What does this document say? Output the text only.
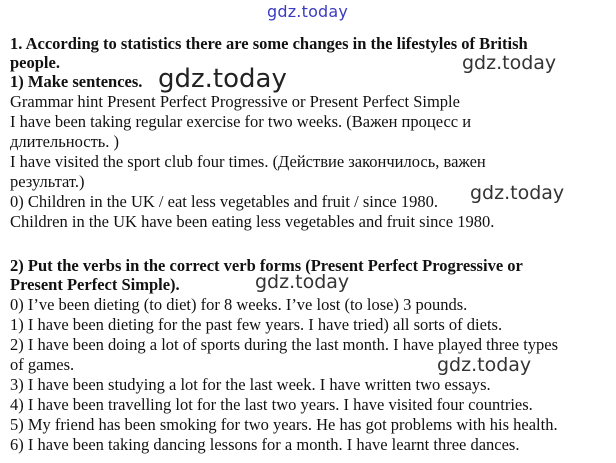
gdz.today
gdz.today
gdz.today
gdz.today
gdz.today
gdz.today
1. According to statistics there are some changes in the lifestyles of British
people.
1) Make sentences.
Grammar hint Present Perfect Progressive or Present Perfect Simple
I have been taking regular exercise for two weeks. (Важен процесс и
длительность. )
I have visited the sport club four times. (Действие закончилось, важен
результат.)
0) Children in the UK / eat less vegetables and fruit / since 1980.
Children in the UK have been eating less vegetables and fruit since 1980.
2) Put the verbs in the correct verb forms (Present Perfect Progressive or
Present Perfect Simple).
0) I’ve been dieting (to diet) for 8 weeks. I’ve lost (to lose) 3 pounds.
1) I have been dieting for the past few years. I have tried) all sorts of diets.
2) I have been doing a lot of sports during the last month. I have played three types
of games.
3) I have been studying a lot for the last week. I have written two essays.
4) I have been travelling lot for the last two years. I have visited four countries.
5) My friend has been smoking for two years. He has got problems with his health.
6) I have been taking dancing lessons for a month. I have learnt three dances.
